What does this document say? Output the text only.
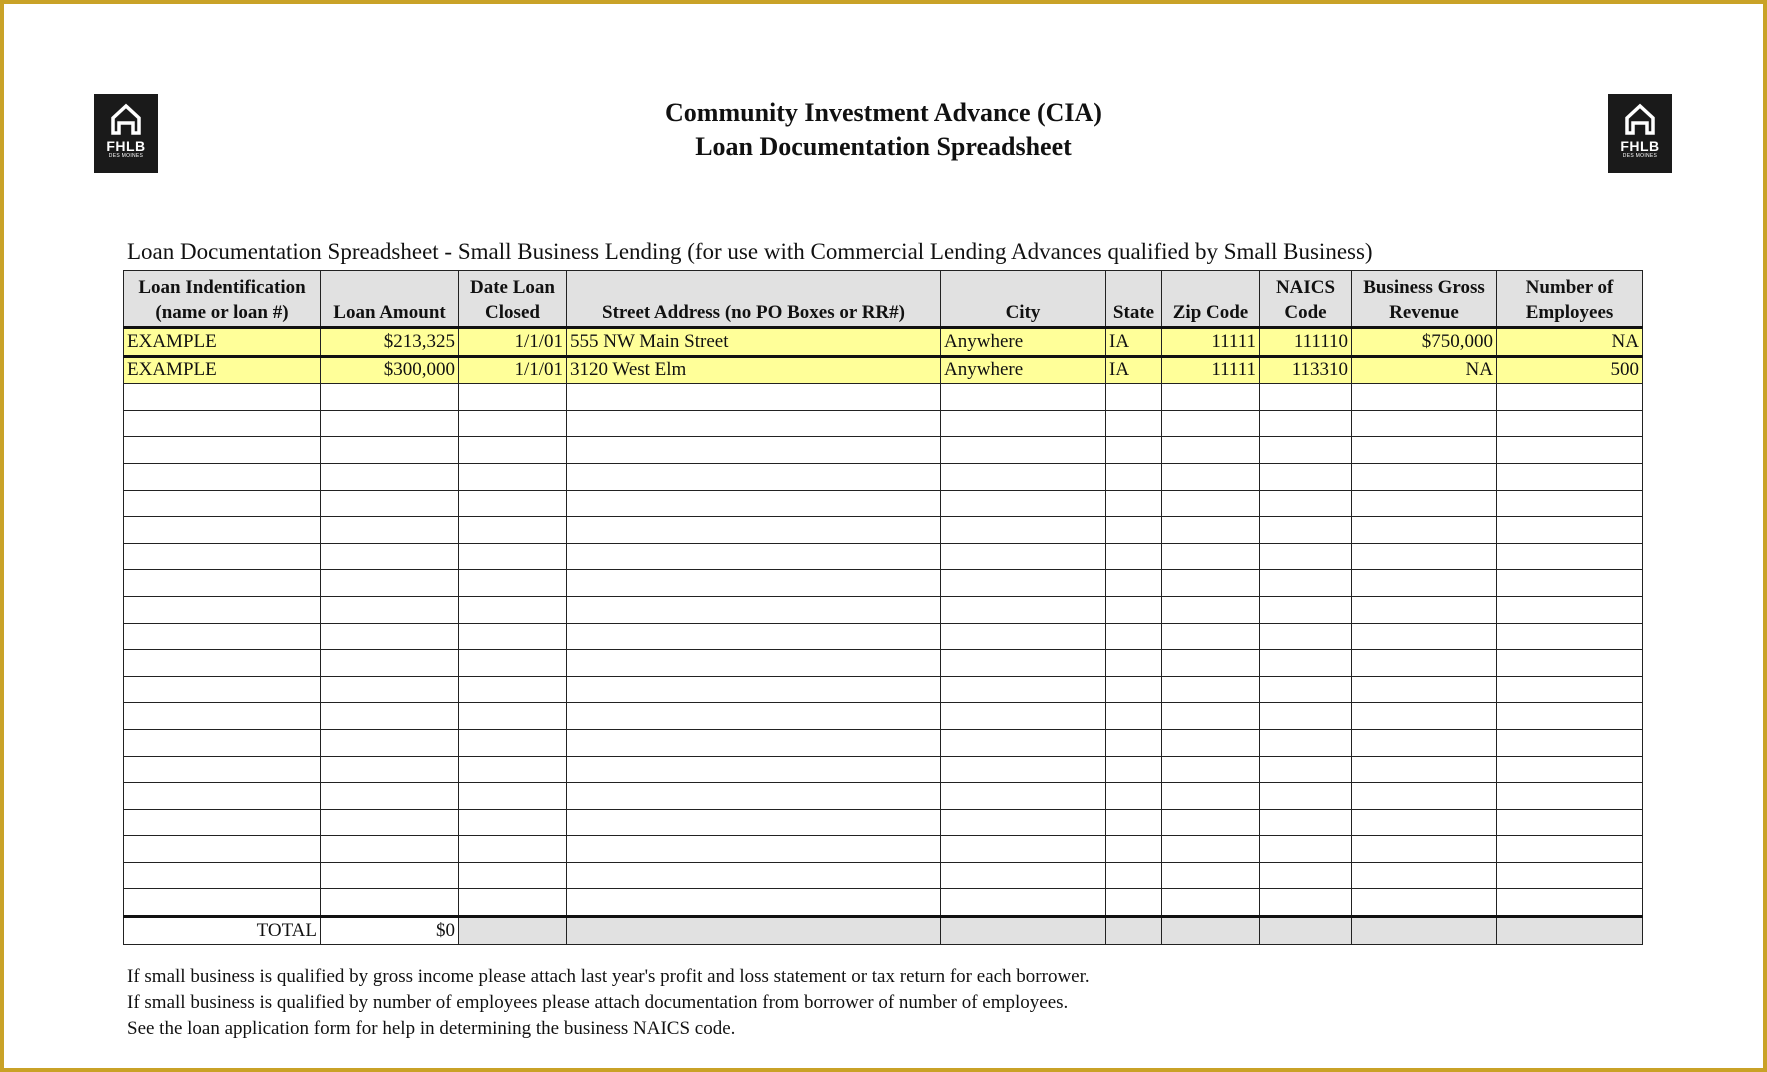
FHLB
DES MOINES
FHLB
DES MOINES
Community Investment Advance (CIA)
Loan Documentation Spreadsheet
Loan Documentation Spreadsheet - Small Business Lending (for use with Commercial Lending Advances qualified by Small Business)
Loan Indentification (name or loan #)	Loan Amount	Date Loan Closed	Street Address (no PO Boxes or RR#)	City	State	Zip Code	NAICS Code	Business Gross Revenue	Number of Employees
EXAMPLE	$213,325	1/1/01	555 NW Main Street	Anywhere	IA	11111	111110	$750,000	NA
EXAMPLE	$300,000	1/1/01	3120 West Elm	Anywhere	IA	11111	113310	NA	500

TOTAL	$0								
If small business is qualified by gross income please attach last year's profit and loss statement or tax return for each borrower.
If small business is qualified by number of employees please attach documentation from borrower of number of employees.
See the loan application form for help in determining the business NAICS code.
